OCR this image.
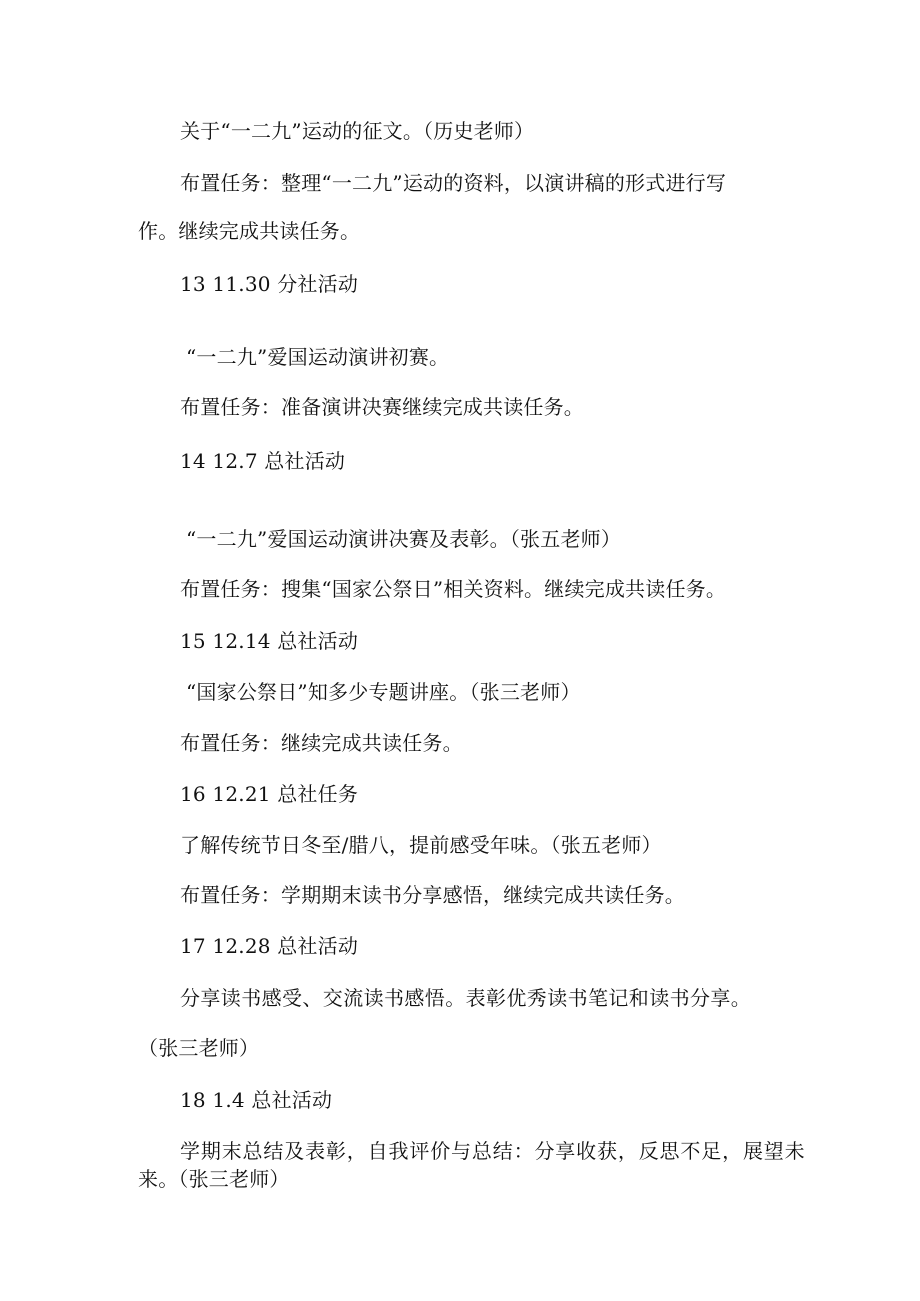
关于“一二九”运动的征文。（历史老师）
布置任务：整理“一二九”运动的资料，以演讲稿的形式进行写
作。继续完成共读任务。
13 11.30 分社活动
“一二九”爱国运动演讲初赛。
布置任务：准备演讲决赛继续完成共读任务。
14 12.7 总社活动
“一二九”爱国运动演讲决赛及表彰。（张五老师）
布置任务：搜集“国家公祭日”相关资料。继续完成共读任务。
15 12.14 总社活动
“国家公祭日”知多少专题讲座。（张三老师）
布置任务：继续完成共读任务。
16 12.21 总社任务
了解传统节日冬至/腊八，提前感受年味。（张五老师）
布置任务：学期期末读书分享感悟，继续完成共读任务。
17 12.28 总社活动
分享读书感受、交流读书感悟。表彰优秀读书笔记和读书分享。
（张三老师）
18 1.4 总社活动
学期末总结及表彰，自我评价与总结：分享收获，反思不足，展望未
来。（张三老师）
